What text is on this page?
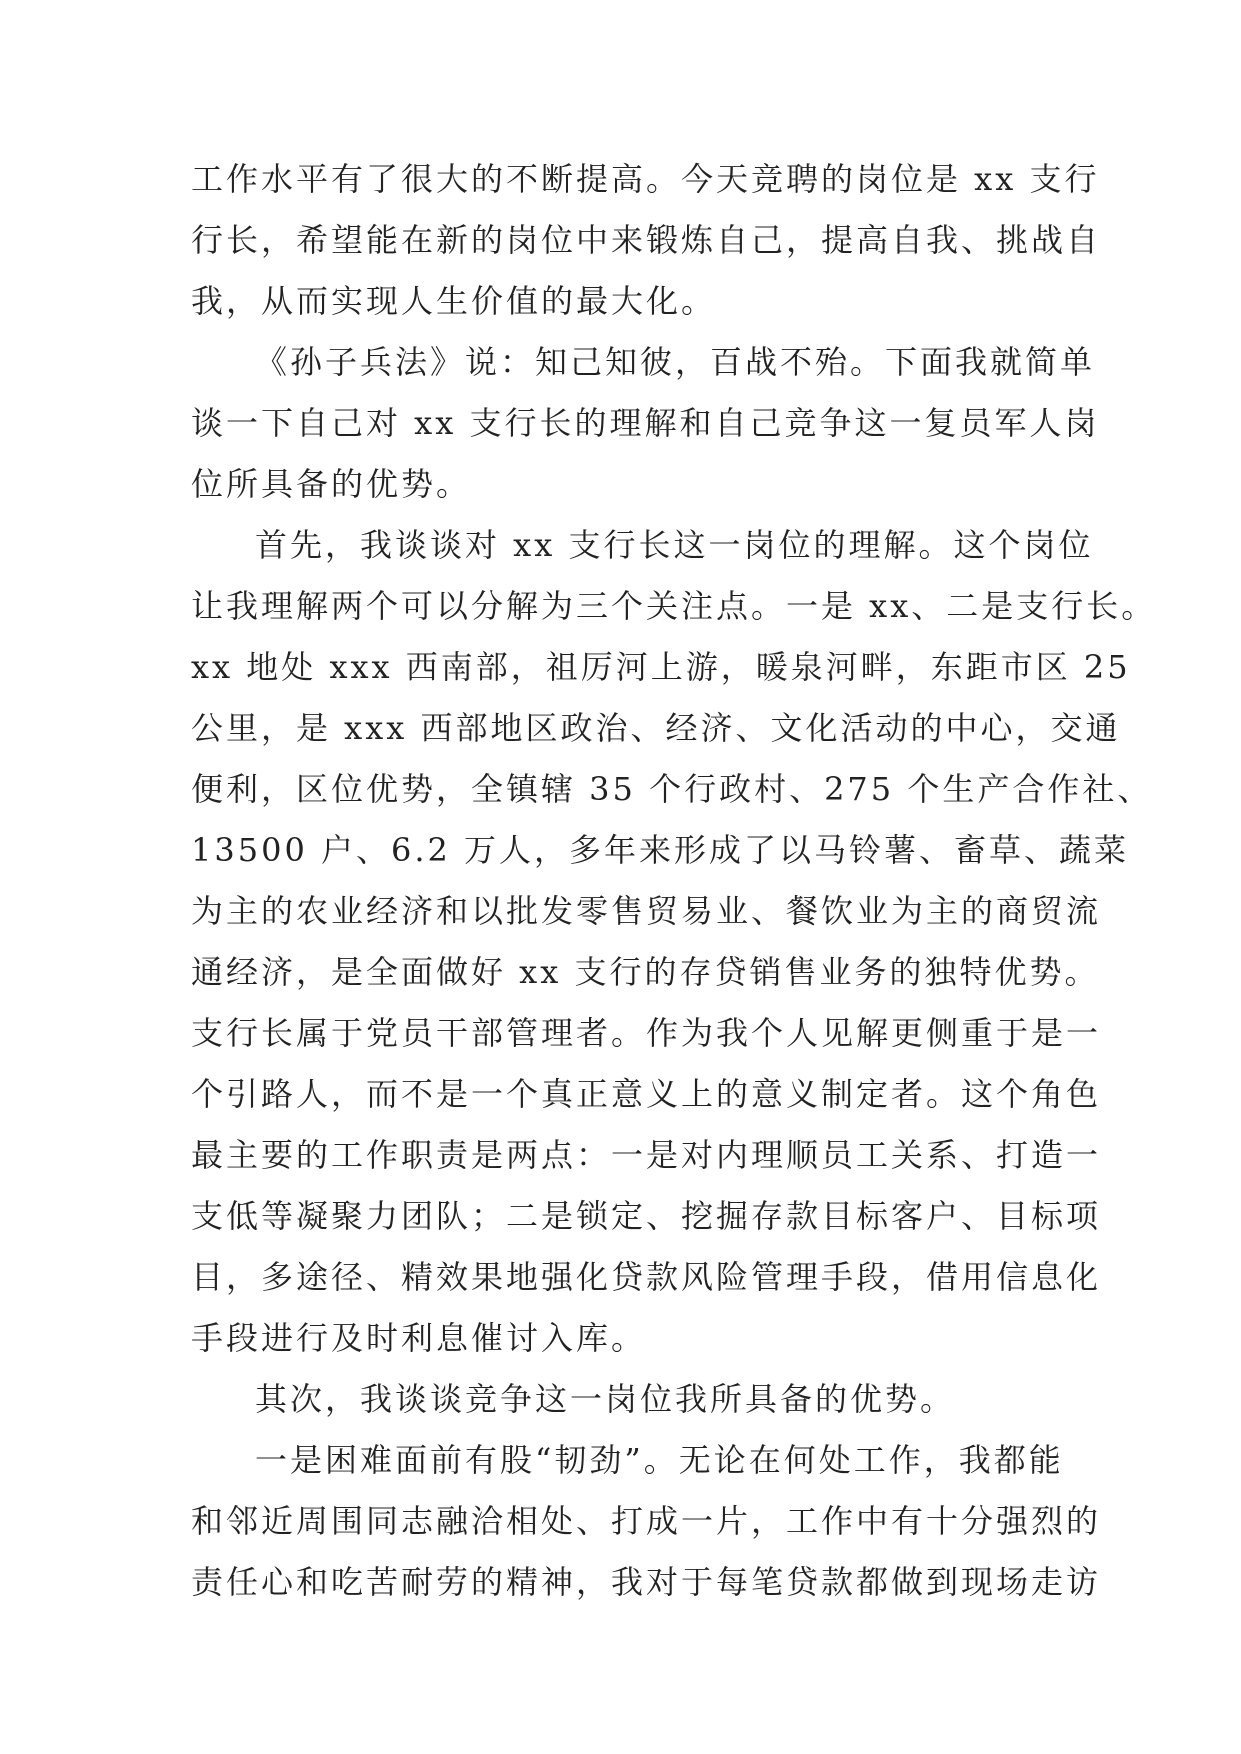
工作水平有了很大的不断提高。今天竞聘的岗位是 xx 支行
行长，希望能在新的岗位中来锻炼自己，提高自我、挑战自
我，从而实现人生价值的最大化。
《孙子兵法》说：知己知彼，百战不殆。下面我就简单
谈一下自己对 xx 支行长的理解和自己竞争这一复员军人岗
位所具备的优势。
首先，我谈谈对 xx 支行长这一岗位的理解。这个岗位
让我理解两个可以分解为三个关注点。一是 xx、二是支行长。
xx 地处 xxx 西南部，祖厉河上游，暖泉河畔，东距市区 25
公里，是 xxx 西部地区政治、经济、文化活动的中心，交通
便利，区位优势，全镇辖 35 个行政村、275 个生产合作社、
13500 户、6.2 万人，多年来形成了以马铃薯、畜草、蔬菜
为主的农业经济和以批发零售贸易业、餐饮业为主的商贸流
通经济，是全面做好 xx 支行的存贷销售业务的独特优势。
支行长属于党员干部管理者。作为我个人见解更侧重于是一
个引路人，而不是一个真正意义上的意义制定者。这个角色
最主要的工作职责是两点：一是对内理顺员工关系、打造一
支低等凝聚力团队；二是锁定、挖掘存款目标客户、目标项
目，多途径、精效果地强化贷款风险管理手段，借用信息化
手段进行及时利息催讨入库。
其次，我谈谈竞争这一岗位我所具备的优势。
一是困难面前有股“韧劲”。无论在何处工作，我都能
和邻近周围同志融洽相处、打成一片，工作中有十分强烈的
责任心和吃苦耐劳的精神，我对于每笔贷款都做到现场走访
